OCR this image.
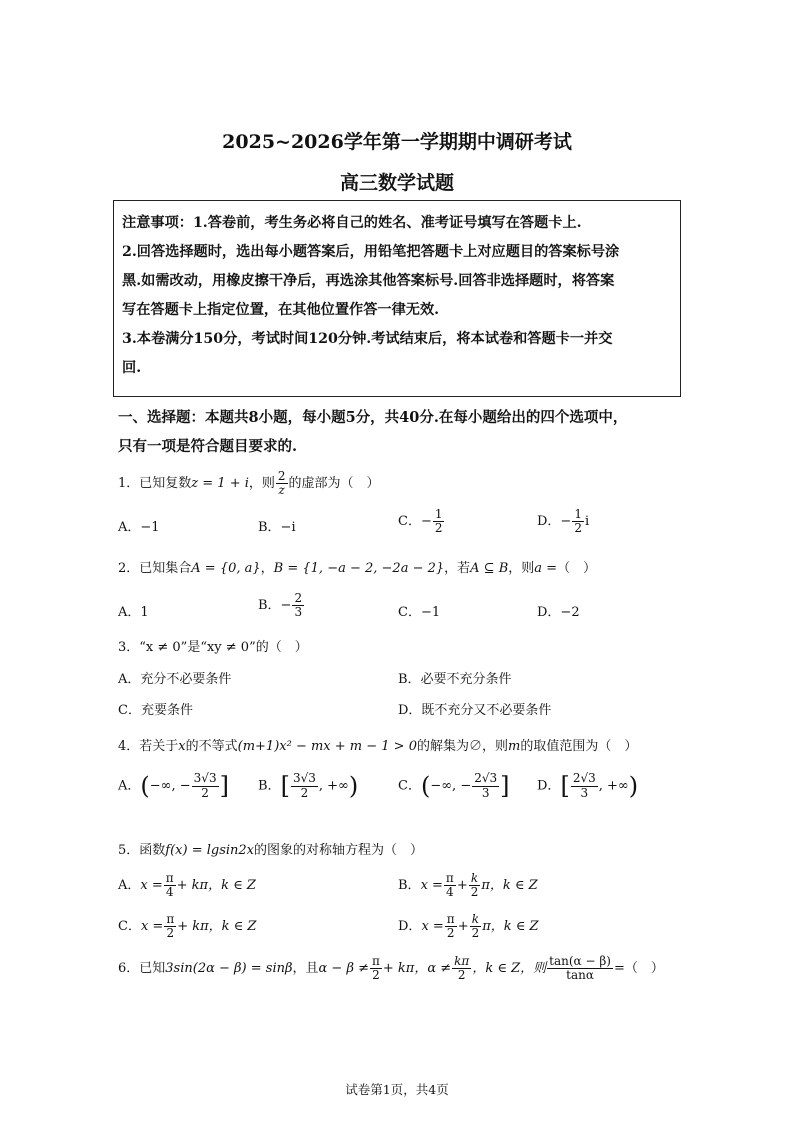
2025~2026学年第一学期期中调研考试
高三数学试题

注意事项：1.答卷前，考生务必将自己的姓名、准考证号填写在答题卡上.

2.回答选择题时，选出每小题答案后，用铅笔把答题卡上对应题目的答案标号涂

黑.如需改动，用橡皮擦干净后，再选涂其他答案标号.回答非选择题时，将答案

写在答题卡上指定位置，在其他位置作答一律无效.

3.本卷满分150分，考试时间120分钟.考试结束后，将本试卷和答题卡一并交

回.

一、选择题：本题共8小题，每小题5分，共40分.在每小题给出的四个选项中，
只有一项是符合题目要求的.
1．已知复数z = 1 + i，则 $\frac{2}{z}$ 的虚部为（　）
A．−1	B．−i	C．− $\frac{1}{2}$	D．− $\frac{1}{2}$ i
2．已知集合A = {0, a}，B = {1, −a − 2, −2a − 2}，若A ⊆ B，则a =（　）
A．1	B．− $\frac{2}{3}$	C．−1	D．−2
3．“x ≠ 0”是“xy ≠ 0”的（　）
A．充分不必要条件	B．必要不充分条件
C．充要条件	D．既不充分又不必要条件
4．若关于x的不等式(m+1)x² − mx + m − 1 > 0的解集为∅，则m的取值范围为（　）
A．(−∞, − $\frac{3√3}{2}$ ] B．[ $\frac{3√3}{2}$ , +∞)	C．(−∞, − $\frac{2√3}{3}$ ] D．[ $\frac{2√3}{3}$ , +∞)
5．函数f(x) = lgsin2x的图象的对称轴方程为（　）
A．$x = \frac{\pi}{4} + k\pi$，k ∈ Z	B．$x = \frac{\pi}{4} + \frac{k}{2}$ π，k ∈ Z
C．$x = \frac{\pi}{2} + k\pi$，k ∈ Z	D．$x = \frac{\pi}{2} + \frac{k}{2}$ π，k ∈ Z
6．已知3sin(2α − β) = sinβ，且$\alpha - \beta \ne \frac{\pi}{2} + k\pi$，$\alpha \ne \frac{k\pi}{2}$ ，k ∈ Z，则 $\frac{\tan(\alpha - \beta)}{\tan\alpha}$ =（　）
试卷第1页，共4页
